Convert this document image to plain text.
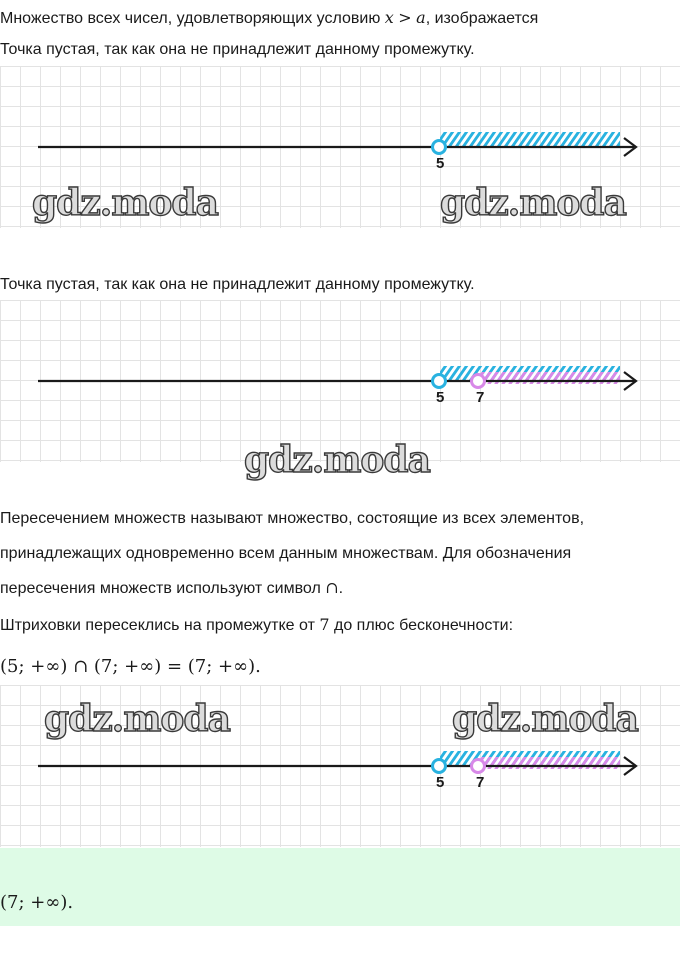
Множество всех чисел, удовлетворяющих условию x > a, изображается
Точка пустая, так как она не принадлежит данному промежутку.
5
gdz.moda	gdz.moda
Точка пустая, так как она не принадлежит данному промежутку.
5 7
gdz.moda
Пересечением множеств называют множество, состоящие из всех элементов,
принадлежащих одновременно всем данным множествам. Для обозначения
пересечения множеств используют символ ∩.
Штриховки пересеклись на промежутке от 7 до плюс бесконечности:
(5; +∞) ∩ (7; +∞) = (7; +∞).
5 7
gdz.moda	gdz.moda
(7; +∞).
